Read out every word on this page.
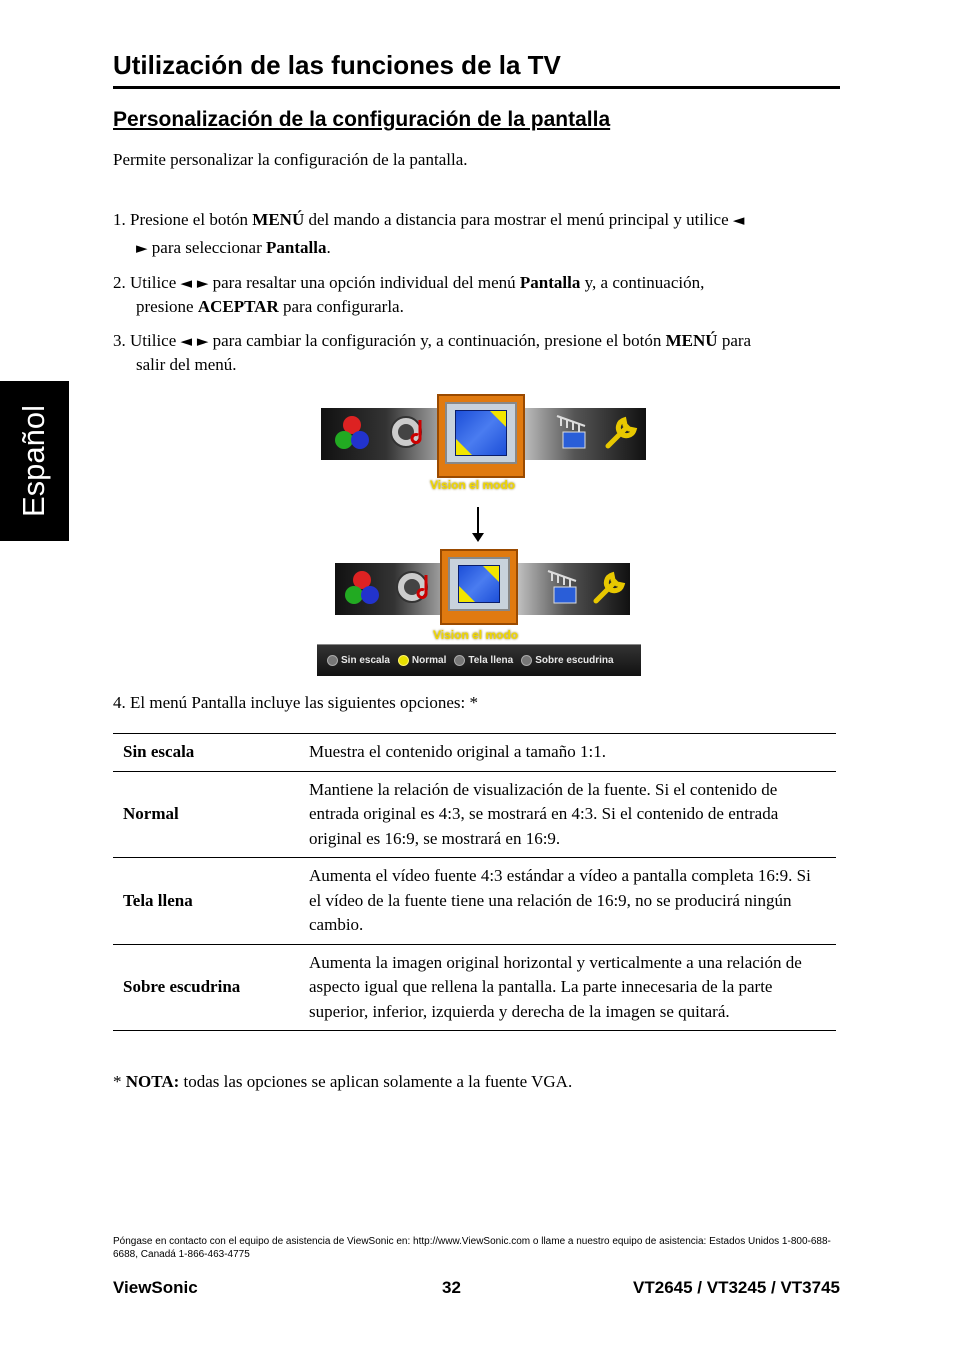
Español
Utilización de las funciones de la TV
Personalización de la configuración de la pantalla

Permite personalizar la configuración de la pantalla.

1. Presione el botón MENÚ del mando a distancia para mostrar el menú principal y utilice ◄
► para seleccionar Pantalla.
2. Utilice ◄ ► para resaltar una opción individual del menú Pantalla y, a continuación,
presione ACEPTAR para configurarla.
3. Utilice ◄ ► para cambiar la configuración y, a continuación, presione el botón MENÚ para
salir del menú.
Vision el modo
Vision el modo
Sin escala Normal Tela llena Sobre escudrina

4. El menú Pantalla incluye las siguientes opciones: *

Sin escala	Muestra el contenido original a tamaño 1:1.
Normal	Mantiene la relación de visualización de la fuente. Si el contenido de entrada original es 4:3, se mostrará en 4:3. Si el contenido de entrada original es 16:9, se mostrará en 16:9.
Tela llena	Aumenta el vídeo fuente 4:3 estándar a vídeo a pantalla completa 16:9. Si el vídeo de la fuente tiene una relación de 16:9, no se producirá ningún cambio.
Sobre escudrina	Aumenta la imagen original horizontal y verticalmente a una relación de aspecto igual que rellena la pantalla. La parte innecesaria de la parte superior, inferior, izquierda y derecha de la imagen se quitará.

* NOTA: todas las opciones se aplican solamente a la fuente VGA.

Póngase en contacto con el equipo de asistencia de ViewSonic en: http://www.ViewSonic.com o llame a nuestro equipo de asistencia: Estados Unidos 1-800-688-6688, Canadá 1-866-463-4775
ViewSonic	32	VT2645 / VT3245 / VT3745
